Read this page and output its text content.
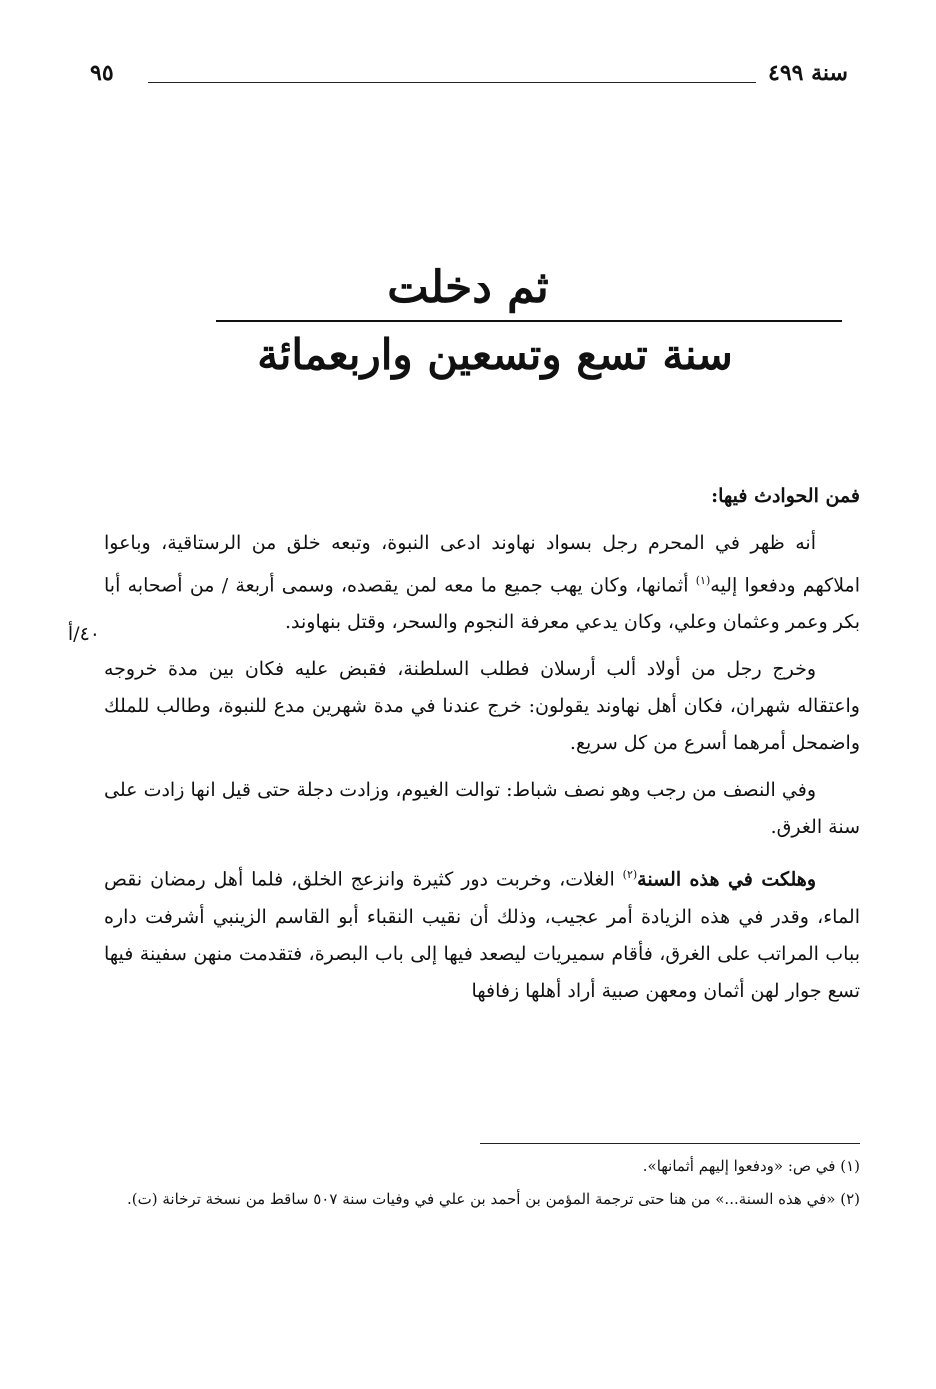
سنة ٤٩٩
٩٥
ثم دخلت
سنة تسع وتسعين واربعمائة
٤٠/أ

فمن الحوادث فيها:

أنه ظهر في المحرم رجل بسواد نهاوند ادعى النبوة، وتبعه خلق من الرستاقية، وباعوا املاكهم ودفعوا إليه$^{(١)}$ أثمانها، وكان يهب جميع ما معه لمن يقصده، وسمى أربعة / من أصحابه أبا بكر وعمر وعثمان وعلي، وكان يدعي معرفة النجوم والسحر، وقتل بنهاوند.

وخرج رجل من أولاد ألب أرسلان فطلب السلطنة، فقبض عليه فكان بين مدة خروجه واعتقاله شهران، فكان أهل نهاوند يقولون: خرج عندنا في مدة شهرين مدع للنبوة، وطالب للملك واضمحل أمرهما أسرع من كل سريع.

وفي النصف من رجب وهو نصف شباط: توالت الغيوم، وزادت دجلة حتى قيل انها زادت على سنة الغرق.

وهلكت في هذه السنة$^{(٢)}$ الغلات، وخربت دور كثيرة وانزعج الخلق، فلما أهل رمضان نقص الماء، وقدر في هذه الزيادة أمر عجيب، وذلك أن نقيب النقباء أبو القاسم الزينبي أشرفت داره بباب المراتب على الغرق، فأقام سميريات ليصعد فيها إلى باب البصرة، فتقدمت منهن سفينة فيها تسع جوار لهن أثمان ومعهن صبية أراد أهلها زفافها

(١) في ص: «ودفعوا إليهم أثمانها».

(٢) «في هذه السنة...» من هنا حتى ترجمة المؤمن بن أحمد بن علي في وفيات سنة ٥٠٧ ساقط من نسخة ترخانة (ت).
